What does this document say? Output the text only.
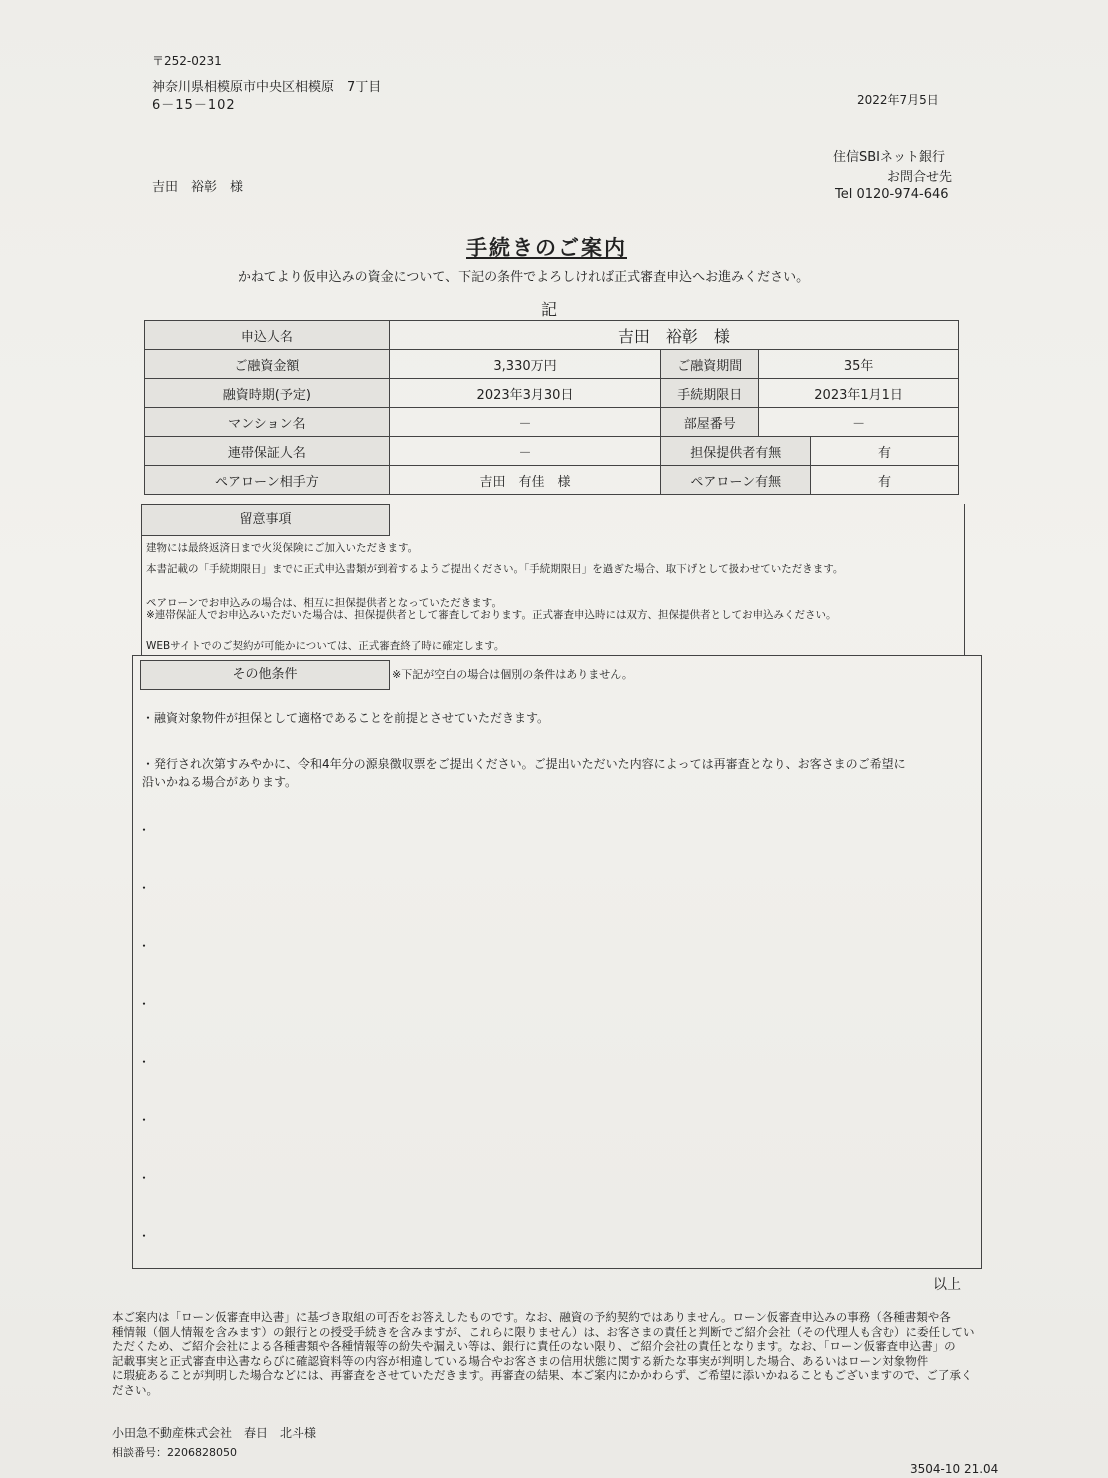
〒252-0231
神奈川県相模原市中央区相模原　7丁目
6－15－102	2022年7月5日
住信SBIネット銀行
吉田　裕彰　様
お問合せ先
Tel 0120-974-646
手続きのご案内
かねてより仮申込みの資金について、下記の条件でよろしければ正式審査申込へお進みください。
記
申込人名	吉田　裕彰　様			
ご融資金額	3,330万円	ご融資期間	35年	
融資時期(予定)	2023年3月30日	手続期限日	2023年1月1日	
マンション名	－	部屋番号	－	
連帯保証人名	－	担保提供者有無		有
ペアローン相手方	吉田　有佳　様	ペアローン有無		有
留意事項
建物には最終返済日まで火災保険にご加入いただきます。
本書記載の「手続期限日」までに正式申込書類が到着するようご提出ください。「手続期限日」を過ぎた場合、取下げとして扱わせていただきます。
ペアローンでお申込みの場合は、相互に担保提供者となっていただきます。
※連帯保証人でお申込みいただいた場合は、担保提供者として審査しております。正式審査申込時には双方、担保提供者としてお申込みください。
WEBサイトでのご契約が可能かについては、正式審査終了時に確定します。
その他条件	※下記が空白の場合は個別の条件はありません。
・融資対象物件が担保として適格であることを前提とさせていただきます。
・発行され次第すみやかに、令和4年分の源泉徴収票をご提出ください。ご提出いただいた内容によっては再審査となり、お客さまのご希望に
沿いかねる場合があります。
・
・
・
・
・
・
・
・
以上
本ご案内は「ローン仮審査申込書」に基づき取組の可否をお答えしたものです。なお、融資の予約契約ではありません。ローン仮審査申込みの事務（各種書類や各
種情報（個人情報を含みます）の銀行との授受手続きを含みますが、これらに限りません）は、お客さまの責任と判断でご紹介会社（その代理人も含む）に委任してい
ただくため、ご紹介会社による各種書類や各種情報等の紛失や漏えい等は、銀行に責任のない限り、ご紹介会社の責任となります。なお、「ローン仮審査申込書」の
記載事実と正式審査申込書ならびに確認資料等の内容が相違している場合やお客さまの信用状態に関する新たな事実が判明した場合、あるいはローン対象物件
に瑕疵あることが判明した場合などには、再審査をさせていただきます。再審査の結果、本ご案内にかかわらず、ご希望に添いかねることもございますので、ご了承く
ださい。
小田急不動産株式会社　春日　北斗様
相談番号：2206828050
3504-10 21.04
